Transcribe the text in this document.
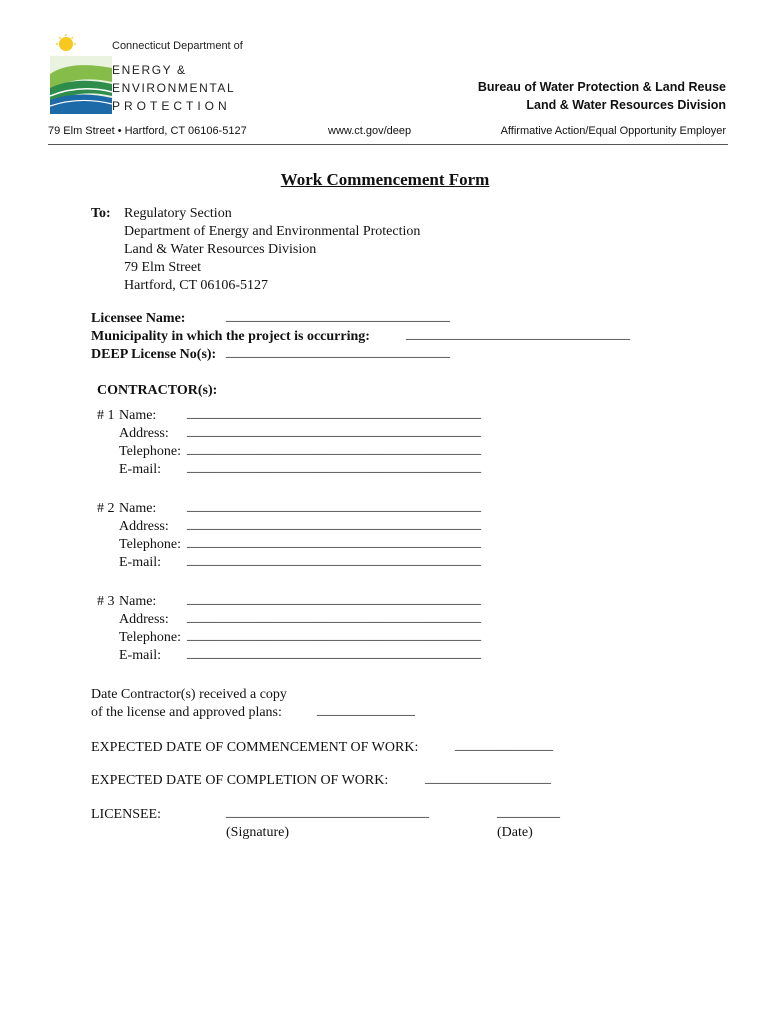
Connecticut Department of
ENERGY &
ENVIRONMENTAL
PROTECTION
Bureau of Water Protection & Land Reuse
Land & Water Resources Division
79 Elm Street • Hartford, CT 06106-5127	www.ct.gov/deep	Affirmative Action/Equal Opportunity Employer
Work Commencement Form
To: Regulatory Section
Department of Energy and Environmental Protection
Land & Water Resources Division
79 Elm Street
Hartford, CT 06106-5127
Licensee Name:	________________________________
Municipality in which the project is occurring:	________________________________
DEEP License No(s): ________________________________
CONTRACTOR(s):
# 1 Name: __________________________________________
Address: __________________________________________
Telephone: __________________________________________
E-mail: __________________________________________
# 2 Name: __________________________________________
Address: __________________________________________
Telephone: __________________________________________
E-mail: __________________________________________
# 3 Name: __________________________________________
Address: __________________________________________
Telephone: __________________________________________
E-mail: __________________________________________
Date Contractor(s) received a copy
of the license and approved plans:	______________
EXPECTED DATE OF COMMENCEMENT OF WORK:	______________
EXPECTED DATE OF COMPLETION OF WORK:	__________________
LICENSEE:	_____________________________
(Signature)
_________
(Date)
